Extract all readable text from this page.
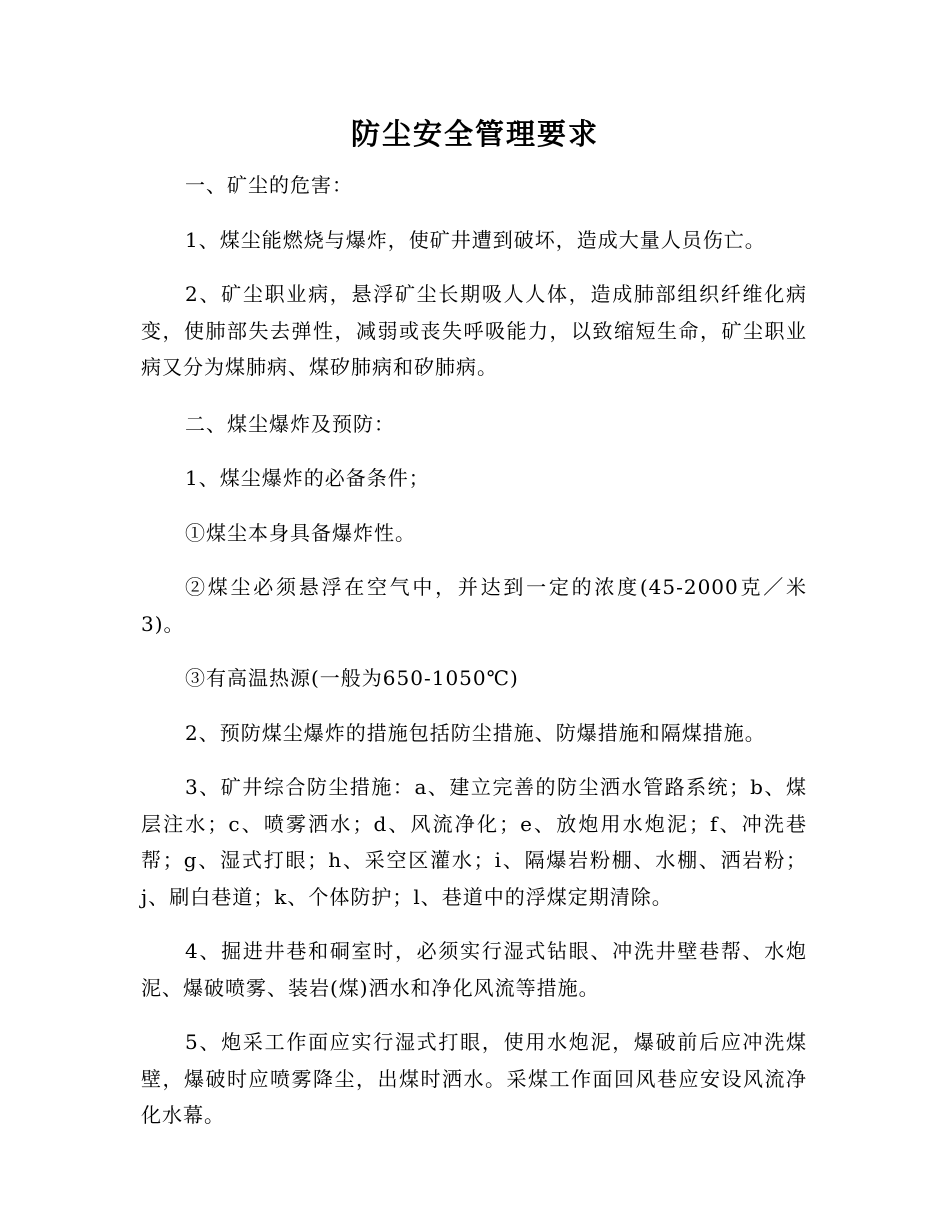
防尘安全管理要求

一、矿尘的危害：

1、煤尘能燃烧与爆炸，使矿井遭到破坏，造成大量人员伤亡。

2、矿尘职业病，悬浮矿尘长期吸人人体，造成肺部组织纤维化病变，使肺部失去弹性，减弱或丧失呼吸能力，以致缩短生命，矿尘职业病又分为煤肺病、煤矽肺病和矽肺病。

二、煤尘爆炸及预防：

1、煤尘爆炸的必备条件；

①煤尘本身具备爆炸性。

②煤尘必须悬浮在空气中，并达到一定的浓度(45-2000克／米3)。

③有高温热源(一般为650-1050℃)

2、预防煤尘爆炸的措施包括防尘措施、防爆措施和隔煤措施。

3、矿井综合防尘措施：a、建立完善的防尘洒水管路系统；b、煤层注水；c、喷雾洒水；d、风流净化；e、放炮用水炮泥；f、冲洗巷帮；g、湿式打眼；h、采空区灌水；i、隔爆岩粉棚、水棚、洒岩粉；j、刷白巷道；k、个体防护；l、巷道中的浮煤定期清除。

4、掘进井巷和硐室时，必须实行湿式钻眼、冲洗井壁巷帮、水炮泥、爆破喷雾、装岩(煤)洒水和净化风流等措施。

5、炮采工作面应实行湿式打眼，使用水炮泥，爆破前后应冲洗煤壁，爆破时应喷雾降尘，出煤时洒水。采煤工作面回风巷应安设风流净化水幕。
